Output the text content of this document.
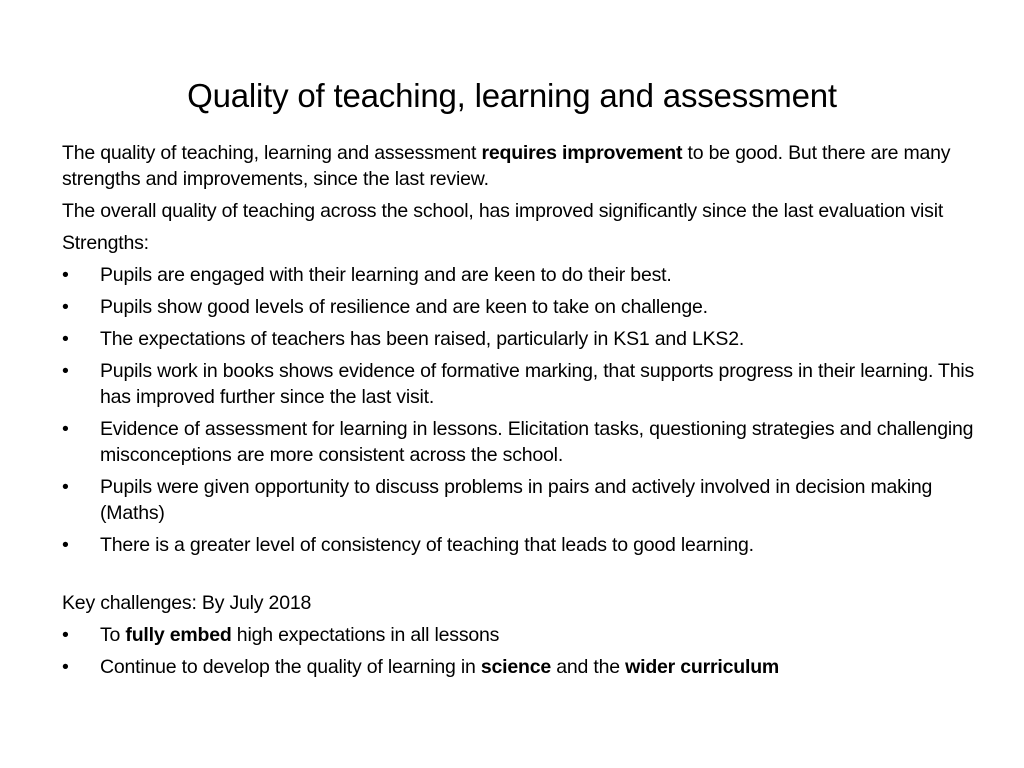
Quality of teaching, learning and assessment

The quality of teaching, learning and assessment requires improvement to be good. But there are many strengths and improvements, since the last review.

The overall quality of teaching across the school, has improved significantly since the last evaluation visit

Strengths:

• Pupils are engaged with their learning and are keen to do their best.
• Pupils show good levels of resilience and are keen to take on challenge.
• The expectations of teachers has been raised, particularly in KS1 and LKS2.
• Pupils work in books shows evidence of formative marking, that supports progress in their learning. This has improved further since the last visit.
• Evidence of assessment for learning in lessons. Elicitation tasks, questioning strategies and challenging misconceptions are more consistent across the school.
• Pupils were given opportunity to discuss problems in pairs and actively involved in decision making (Maths)
• There is a greater level of consistency of teaching that leads to good learning.

Key challenges: By July 2018

• To fully embed high expectations in all lessons
• Continue to develop the quality of learning in science and the wider curriculum
